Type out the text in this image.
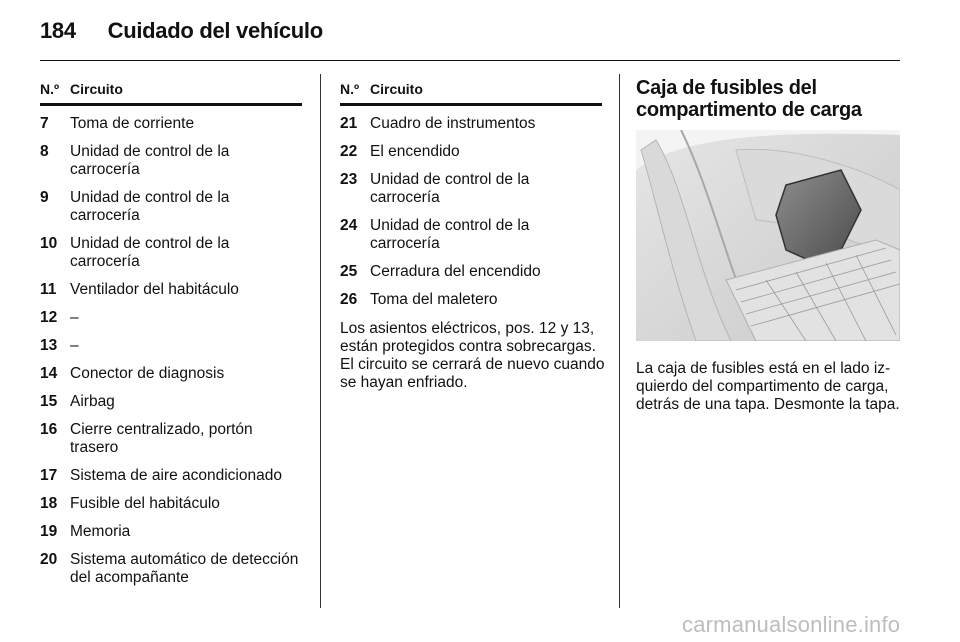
184 Cuidado del vehículo
N.º Circuito
7	Toma de corriente
8	Unidad de control de la carrocería
9	Unidad de control de la carrocería
10 Unidad de control de la carrocería
11 Ventilador del habitáculo
12 –
13 –
14 Conector de diagnosis
15 Airbag
16 Cierre centralizado, portón trasero
17 Sistema de aire acondicionado
18 Fusible del habitáculo
19 Memoria
20 Sistema automático de detección del acompañante
N.º Circuito
21 Cuadro de instrumentos
22 El encendido
23 Unidad de control de la carrocería
24 Unidad de control de la carrocería
25 Cerradura del encendido
26 Toma del maletero
Los asientos eléctricos, pos. 12 y 13, están protegidos contra sobrecargas. El circuito se cerrará de nuevo cuando se hayan enfriado.
Caja de fusibles del
compartimento de carga
La caja de fusibles está en el lado iz-quierdo del compartimento de carga, detrás de una tapa. Desmonte la tapa.
carmanualsonline.info
